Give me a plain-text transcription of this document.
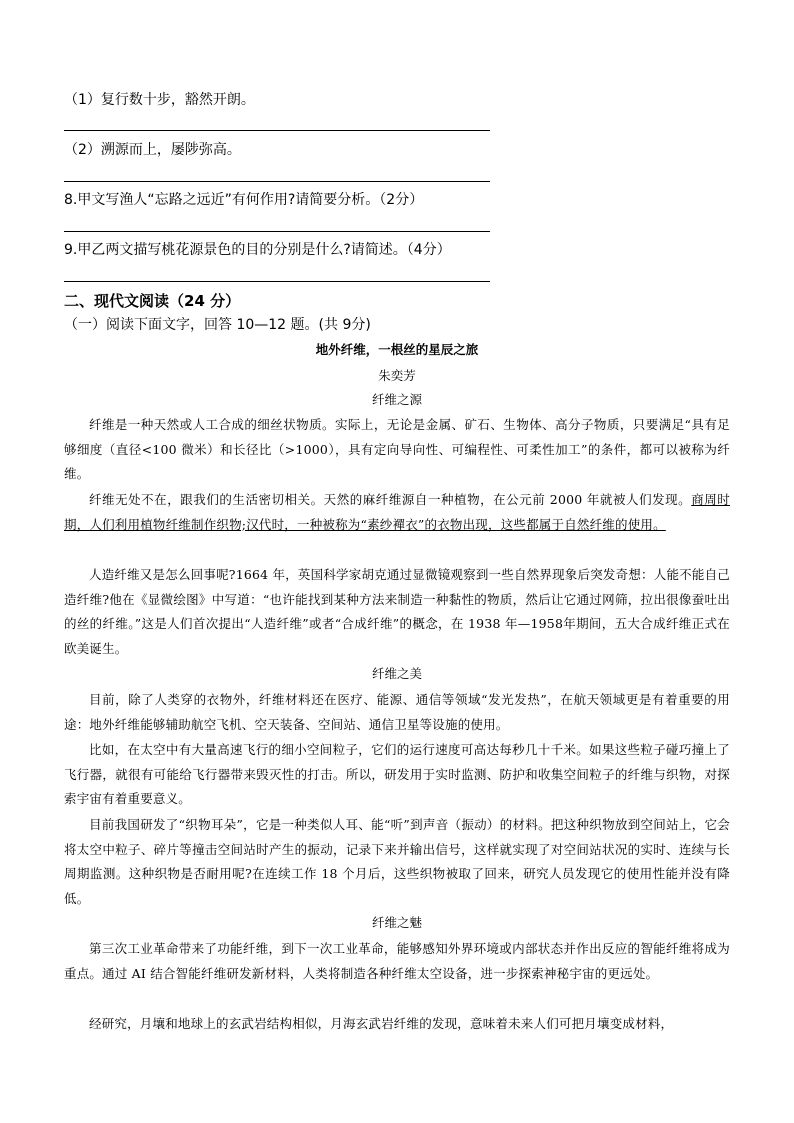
（1）复行数十步，豁然开朗。
（2）溯源而上，屡陟弥高。
8.甲文写渔人“忘路之远近”有何作用?请简要分析。（2分）
9.甲乙两文描写桃花源景色的目的分别是什么?请简述。（4分）
二、现代文阅读（24 分）
（一）阅读下面文字，回答 10—12 题。(共 9分)
地外纤维，一根丝的星辰之旅
朱奕芳
纤维之源
纤维是一种天然或人工合成的细丝状物质。实际上，无论是金属、矿石、生物体、高分子物质，只要满足“具有足够细度（直径<100 微米）和长径比（>1000），具有定向导向性、可编程性、可柔性加工”的条件，都可以被称为纤维。
纤维无处不在，跟我们的生活密切相关。天然的麻纤维源自一种植物，在公元前 2000 年就被人们发现。商周时期，人们利用植物纤维制作织物;汉代时，一种被称为“素纱襌衣”的衣物出现，这些都属于自然纤维的使用。
人造纤维又是怎么回事呢?1664 年，英国科学家胡克通过显微镜观察到一些自然界现象后突发奇想：人能不能自己造纤维?他在《显微绘图》中写道：“也许能找到某种方法来制造一种黏性的物质，然后让它通过网筛，拉出很像蚕吐出的丝的纤维。”这是人们首次提出“人造纤维”或者“合成纤维”的概念，在 1938 年—1958年期间，五大合成纤维正式在欧美诞生。
纤维之美
目前，除了人类穿的衣物外，纤维材料还在医疗、能源、通信等领域“发光发热”，在航天领域更是有着重要的用途：地外纤维能够辅助航空飞机、空天装备、空间站、通信卫星等设施的使用。
比如，在太空中有大量高速飞行的细小空间粒子，它们的运行速度可高达每秒几十千米。如果这些粒子碰巧撞上了飞行器，就很有可能给飞行器带来毁灭性的打击。所以，研发用于实时监测、防护和收集空间粒子的纤维与织物，对探索宇宙有着重要意义。
目前我国研发了“织物耳朵”，它是一种类似人耳、能“听”到声音（振动）的材料。把这种织物放到空间站上，它会将太空中粒子、碎片等撞击空间站时产生的振动，记录下来并输出信号，这样就实现了对空间站状况的实时、连续与长周期监测。这种织物是否耐用呢?在连续工作 18 个月后，这些织物被取了回来，研究人员发现它的使用性能并没有降低。
纤维之魅
第三次工业革命带来了功能纤维，到下一次工业革命，能够感知外界环境或内部状态并作出反应的智能纤维将成为重点。通过 AI 结合智能纤维研发新材料，人类将制造各种纤维太空设备，进一步探索神秘宇宙的更远处。
经研究，月壤和地球上的玄武岩结构相似，月海玄武岩纤维的发现，意味着未来人们可把月壤变成材料，
